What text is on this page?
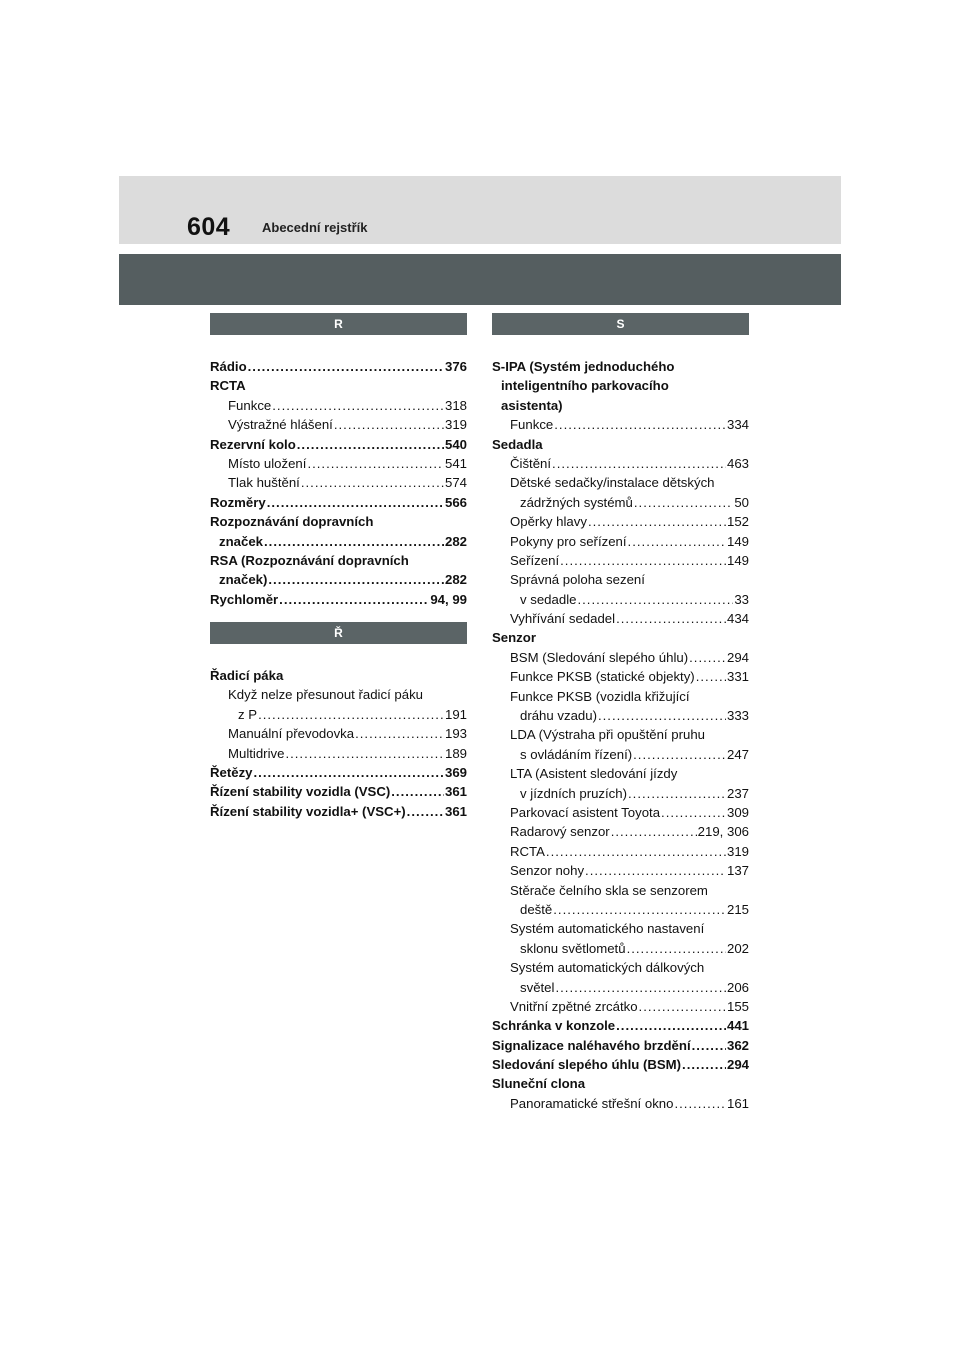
604 Abecední rejstřík
R
Rádio .....	376
RCTA
Funkce .....	318
Výstražné hlášení .....	319
Rezervní kolo .....	540
Místo uložení .....	541
Tlak huštění .....	574
Rozměry .....	566
Rozpoznávání dopravních
značek .....	282
RSA (Rozpoznávání dopravních
značek) .....	282
Rychloměr .....	94, 99
Ř
Řadicí páka
Když nelze přesunout řadicí páku
z P .....	191
Manuální převodovka .....	193
Multidrive .....	189
Řetězy .....	369
Řízení stability vozidla (VSC) .....	361
Řízení stability vozidla+ (VSC+) .....	361
S
S-IPA (Systém jednoduchého
inteligentního parkovacího
asistenta)
Funkce .....	334
Sedadla
Čištění .....	463
Dětské sedačky/instalace dětských
zádržných systémů .....	50
Opěrky hlavy .....	152
Pokyny pro seřízení .....	149
Seřízení .....	149
Správná poloha sezení
v sedadle .....	33
Vyhřívání sedadel .....	434
Senzor
BSM (Sledování slepého úhlu) .....	294
Funkce PKSB (statické objekty) ..... 331
Funkce PKSB (vozidla křižující
dráhu vzadu) .....	333
LDA (Výstraha při opuštění pruhu
s ovládáním řízení) .....	247
LTA (Asistent sledování jízdy
v jízdních pruzích) .....	237
Parkovací asistent Toyota .....	309
Radarový senzor .....	219, 306
RCTA .....	319
Senzor nohy .....	137
Stěrače čelního skla se senzorem
deště .....	215
Systém automatického nastavení
sklonu světlometů .....	202
Systém automatických dálkových
světel .....	206
Vnitřní zpětné zrcátko .....	155
Schránka v konzole .....	441
Signalizace naléhavého brzdění .....	362
Sledování slepého úhlu (BSM) .....	294
Sluneční clona
Panoramatické střešní okno .....	161
